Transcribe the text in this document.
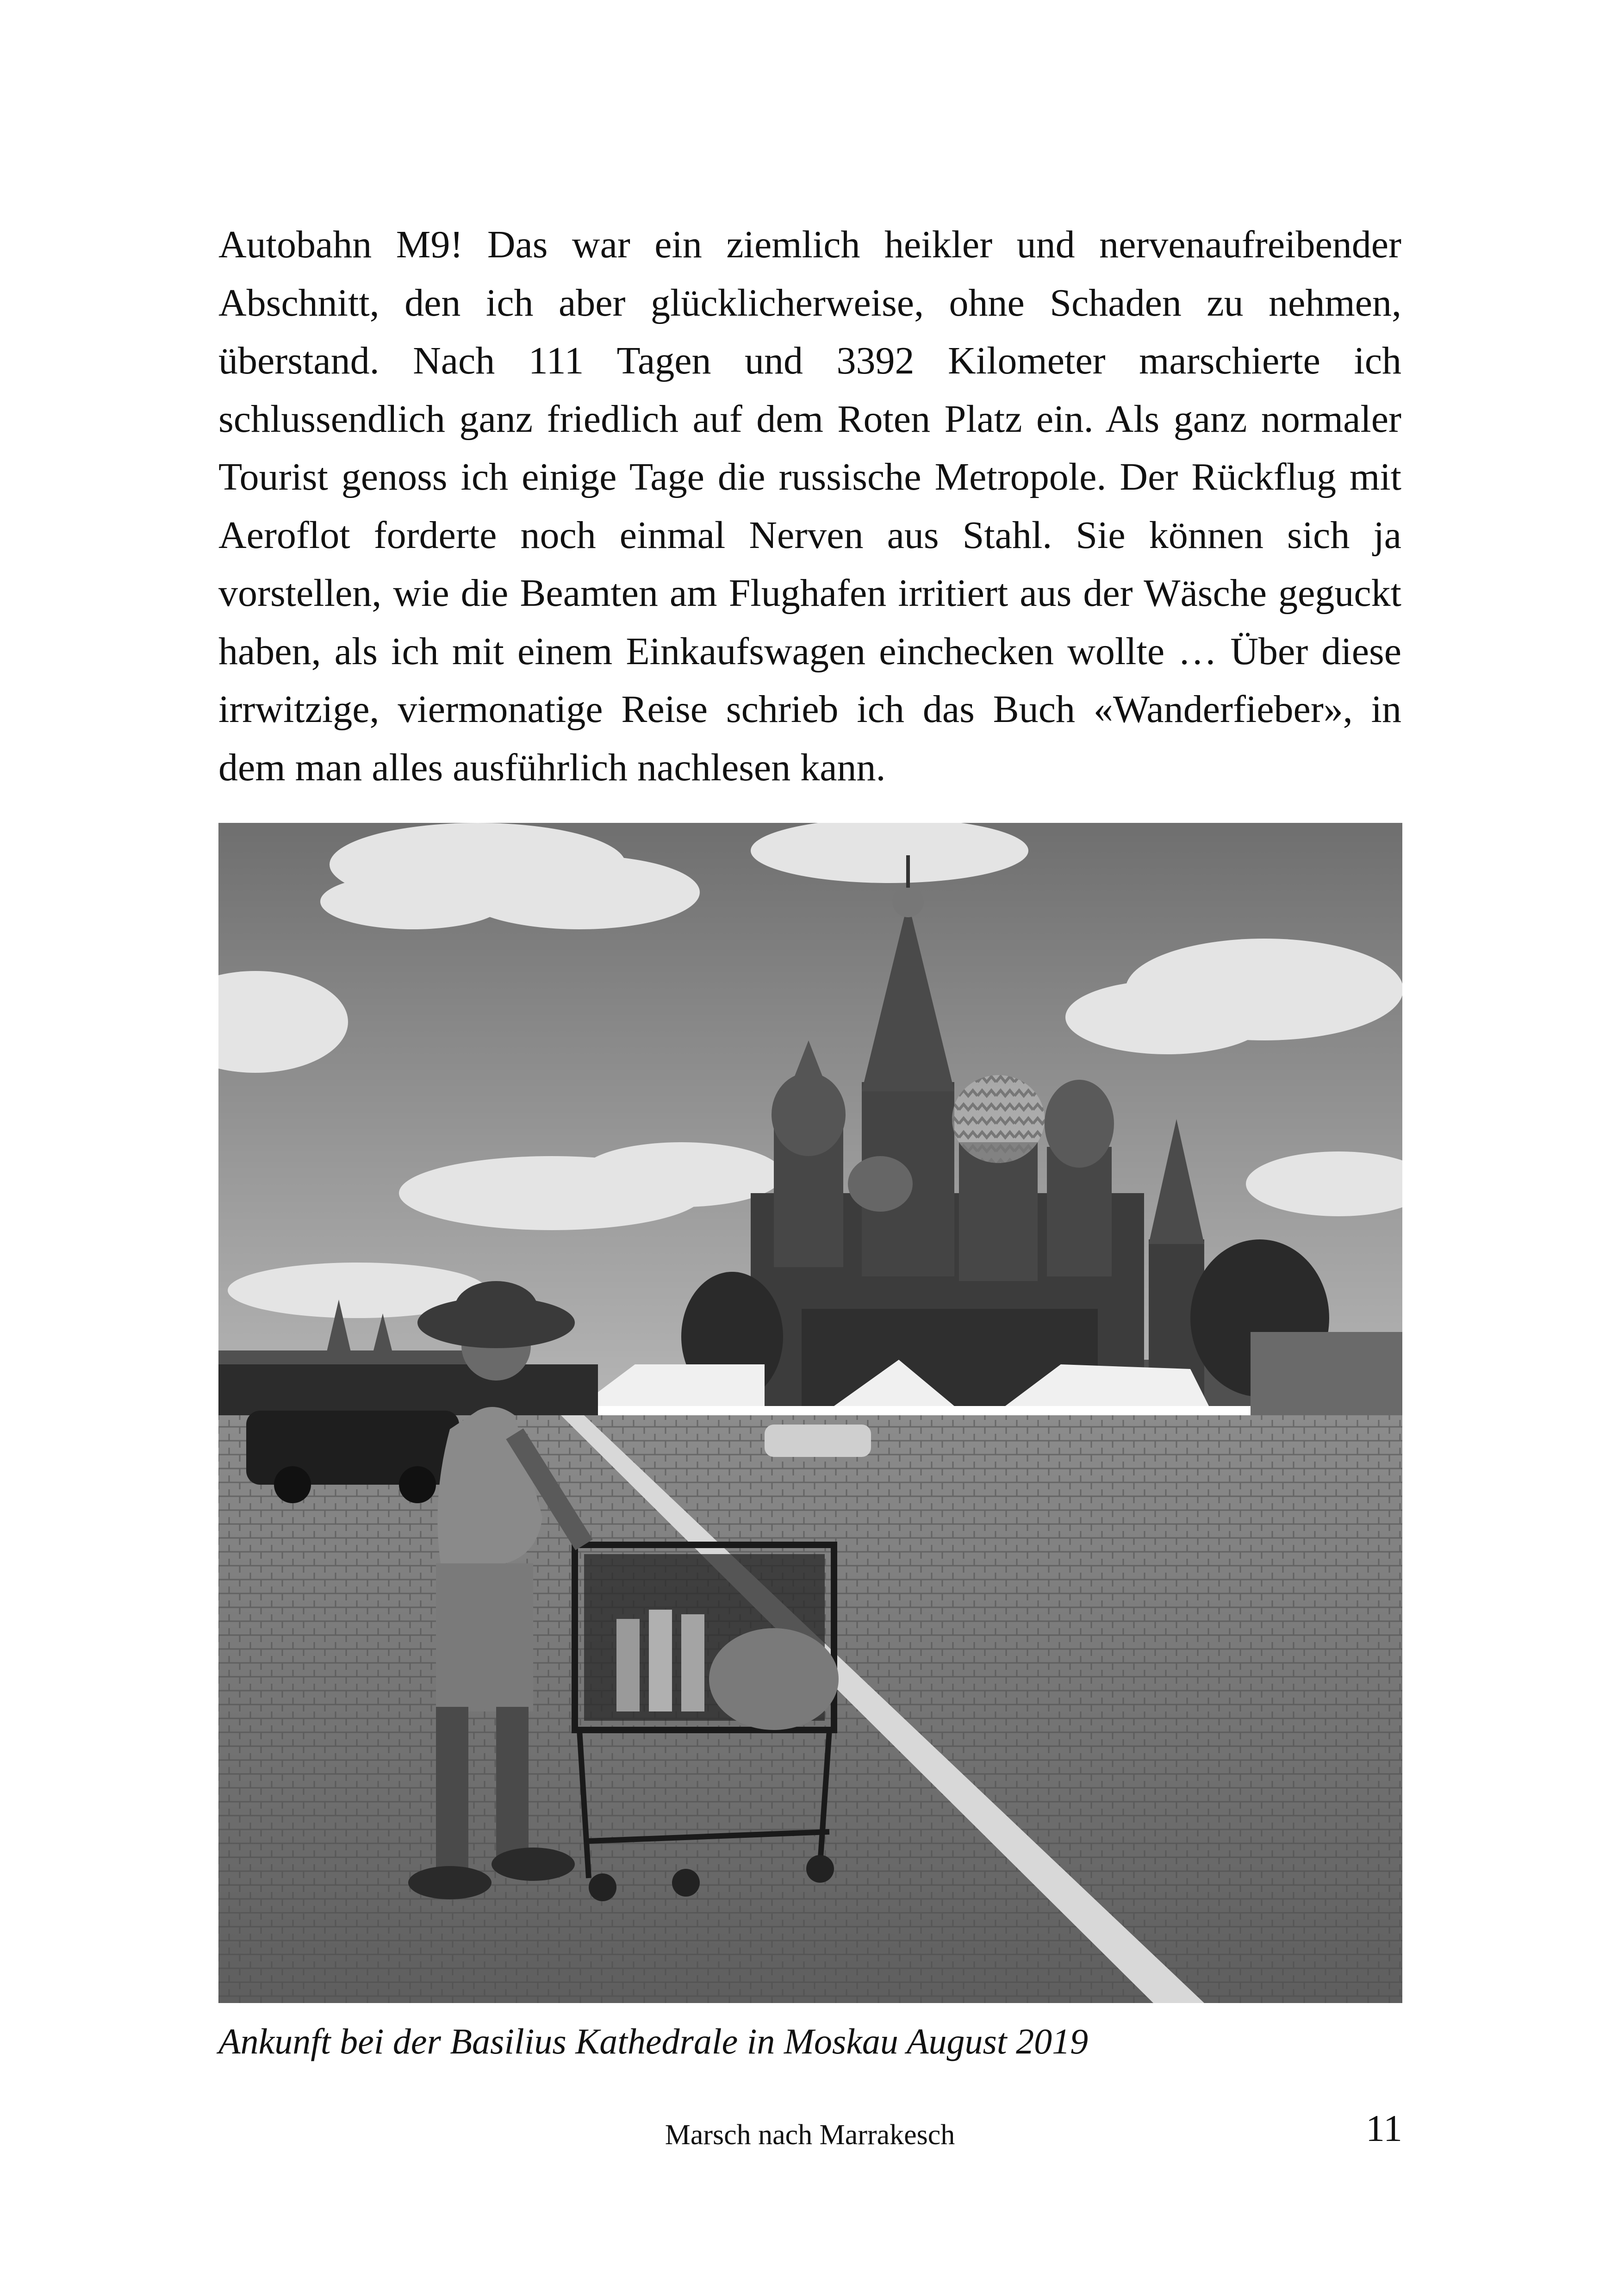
Autobahn M9! Das war ein ziemlich heikler und nervenaufreibender Abschnitt, den ich aber glücklicherweise, ohne Schaden zu nehmen, überstand. Nach 111 Tagen und 3392 Kilometer marschierte ich schlussendlich ganz friedlich auf dem Roten Platz ein. Als ganz normaler Tourist genoss ich einige Tage die russische Metropole. Der Rückflug mit Aeroflot forderte noch einmal Nerven aus Stahl. Sie können sich ja vorstellen, wie die Beamten am Flughafen irritiert aus der Wäsche geguckt haben, als ich mit einem Einkaufswagen einchecken wollte … Über diese irrwitzige, viermonatige Reise schrieb ich das Buch «Wanderfieber», in dem man alles ausführlich nachlesen kann.

Ankunft bei der Basilius Kathedrale in Moskau August 2019
Marsch nach Marrakesch	11
